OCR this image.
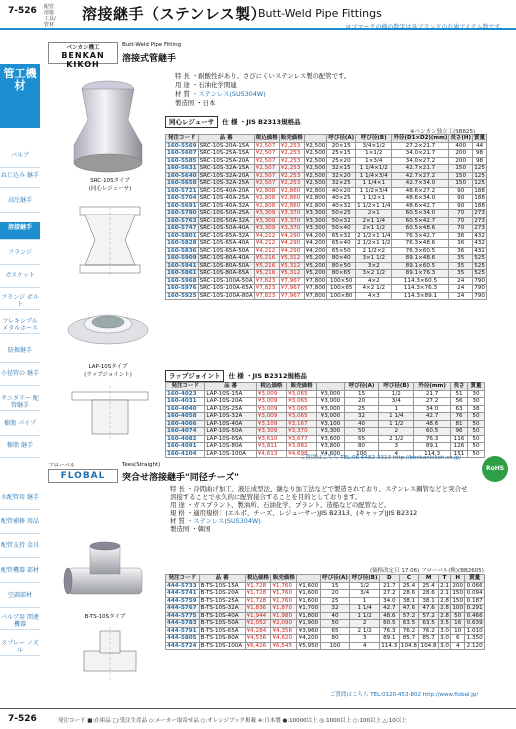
7-526 配管
溶接
工具/
管材
溶接継手（ステンレス製）
Butt-Weld Pipe Fittings
ロゴマークの横の数字は各ブランドの在庫アイテム数です。
管工機材
ベンカン機工
BENKAN KIKOH
Butt-Weld Pipe Fitting
溶接式管継手
特 長 ・耐酸性があり、さびにくいステンレス製の配管です。
用 途 ・石油化学関連
材 質 ・ステンレス(SUS304W)
製造国 ・日本
SRC-10Sタイプ
(同心レジューサ)
同心レジューサ 仕 様 ・JIS B2313規格品
※ベンカン独立工(SB825)
発注コード	品 番	税込価格	販売価格		呼び径(A)	呼び径(B)	外径(D1×D2)(mm)	長さ(H)	質量
160-5569	SRC-10S-20A-15A	¥2,507	¥2,253	¥2,500	20×15	3/4×1/2	27.2×21.7	400	44
160-5607	SRC-10S-25A-15A	¥2,507	¥2,253	¥2,500	25×15	1×1/2	34.0×21.7	200	98
160-5585	SRC-10S-25A-20A	¥2,507	¥2,253	¥2,500	25×20	1×3/4	34.0×27.2	200	98
160-5631	SRC-10S-32A-15A	¥2,507	¥2,253	¥2,500	32×15	1 1/4×1/2	42.7×21.7	150	125
160-5640	SRC-10S-32A-20A	¥2,507	¥2,253	¥2,500	32×20	1 1/4×3/4	42.7×27.2	150	125
160-5658	SRC-10S-32A-25A	¥2,507	¥2,253	¥2,500	32×25	1 1/4×1	42.7×34.0	150	125
160-5721	SRC-10S-40A-20A	¥2,808	¥2,860	¥2,800	40×20	1 1/2×3/4	48.6×27.2	90	188
160-5704	SRC-10S-40A-25A	¥2,808	¥2,860	¥2,800	40×25	1 1/2×1	48.6×34.0	90	188
160-5691	SRC-10S-40A-32A	¥2,808	¥2,860	¥2,800	40×32	1 1/2×1 1/4	48.6×42.7	90	188
160-5780	SRC-10S-50A-25A	¥3,309	¥3,370	¥3,300	50×25	2×1	60.5×34.0	70	273
160-5763	SRC-10S-50A-32A	¥3,309	¥3,370	¥3,300	50×32	2×1 1/4	60.5×42.7	70	273
160-5747	SRC-10S-50A-40A	¥3,309	¥3,370	¥3,300	50×40	2×1 1/2	60.5×48.6	70	273
160-5801	SRC-10S-65A-32A	¥4,212	¥4,290	¥4,200	65×32	2 1/2×1 1/4	76.3×42.7	36	432
160-5828	SRC-10S-65A-40A	¥4,212	¥4,290	¥4,200	65×40	2 1/2×1 1/2	76.3×48.6	36	432
160-5836	SRC-10S-65A-50A	¥4,212	¥4,290	¥4,200	65×50	2 1/2×2	76.3×60.5	36	432
160-5909	SRC-10S-80A-40A	¥5,216	¥5,312	¥5,200	80×40	3×1 1/2	89.1×48.6	35	525
160-5941	SRC-10S-80A-50A	¥5,216	¥5,312	¥5,200	80×50	3×2	89.1×60.5	35	525
160-5861	SRC-10S-80A-65A	¥5,216	¥5,312	¥5,200	80×65	3×2 1/2	89.1×76.3	35	525
160-5968	SRC-10S-100A-50A	¥7,823	¥7,967	¥7,800	100×50	4×2	114.3×60.5	24	790
160-5976	SRC-10S-100A-65A	¥7,823	¥7,967	¥7,800	100×65	4×2 1/2	114.3×76.3	24	790
160-5925	SRC-10S-100A-80A	¥7,823	¥7,967	¥7,800	100×80	4×3	114.3×89.1	24	790
LAP-10Sタイプ
(ラップジョイント)	ラップジョイント 仕 様 ・JIS B2312規格品
発注コード	品 番	税込価格	販売価格		呼び径(A)	呼び径(B)	外径(mm)	長さ	質量
160-4023	LAP-10S-15A	¥3,009	¥3,065	¥3,000	15	1/2	21.7	51	30
160-4031	LAP-10S-20A	¥3,009	¥3,065	¥3,000	20	3/4	27.2	56	30
160-4040	LAP-10S-25A	¥3,009	¥3,065	¥3,000	25	1	34.0	63	38
160-4058	LAP-10S-32A	¥3,009	¥3,065	¥3,000	32	1 1/4	42.7	76	50
160-4066	LAP-10S-40A	¥3,109	¥3,167	¥3,100	40	1 1/2	48.6	81	50
160-4074	LAP-10S-50A	¥3,309	¥3,370	¥3,300	50	2	60.5	96	50
160-4082	LAP-10S-65A	¥3,610	¥3,677	¥3,600	65	2 1/2	76.3	116	50
160-4091	LAP-10S-80A	¥3,811	¥3,882	¥3,800	80	3	89.1	126	50
160-4104	LAP-10S-100A	¥4,613	¥4,698	¥4,600	100	4	114.3	151	50
ご質問はこちら TEL:06-6482-3313 http://benkankikoh.co.jp/
フローバル
FLOBAL
Tees(Straight)
突合せ溶接継手"同径チーズ"
RoHS
特 長 ・冷間曲げ加工、液圧成型法、継なり加工法などで製造されており、ステンレス鋼管などと突合せ溶接することで永久的に配管接合することを目的としております。
用 途 ・ガスプラント、製油所、石油化学、プラント、造船などの配管など。
規 格 ・適用規格：(エルボ、チーズ、レジューサー)JIS B2313、(キャップ)JIS B2312
材 質 ・ステンレス(SUS304W)
製造国 ・韓国
B-TS-10Sタイプ
(価格改定日 17.06) フローバル(株)(BB2605)
発注コード	品 番	税込価格	販売価格		呼び径(A)	呼び径(B)	D	C	M	T	H	質量
444-5733	B-TS-10S-15A	¥1,728	¥1,760	¥1,600	15	1/2	21.7	25.4	25.4	2.1	200	0.066
444-5741	B-TS-10S-20A	¥1,728	¥1,760	¥1,600	20	3/4	27.2	28.6	28.6	2.1	150	0.094
444-5759	B-TS-10S-25A	¥1,728	¥1,760	¥1,600	25	1	34.0	38.1	38.1	2.8	150	0.187
444-5767	B-TS-10S-32A	¥1,836	¥1,870	¥1,700	32	1 1/4	42.7	47.6	47.6	2.8	100	0.291
444-5775	B-TS-10S-40A	¥1,944	¥1,980	¥1,800	40	1 1/2	48.6	57.2	57.2	2.8	50	0.466
444-5783	B-TS-10S-50A	¥2,052	¥2,090	¥1,900	50	2	60.5	63.5	63.5	3.5	16	0.639
444-5791	B-TS-10S-65A	¥4,284	¥4,356	¥3,960	65	2 1/2	76.3	76.2	76.2	3.0	10	1.010
444-5805	B-TS-10S-80A	¥4,536	¥4,620	¥4,200	80	3	89.1	85.7	85.7	3.0	6	1.350
444-5724	B-TS-10S-100A	¥6,426	¥6,545	¥5,950	100	4	114.3	104.8	104.8	3.0	4	2.120
ご質問はこちら TEL:0120-453-802 http://www.flobal.jp/
7-526	発注コード ■:在庫品 □:受注生産品 ◇:メーカー取寄せ品 ○:オレンジブック掲載 ※:日本製 ●:10000以上 ◎:1000以上 ○:100以上 △:10以上
バルブ
ねじ込み 継手
高圧継手
溶接継手
フランジ
ガスケット
フランジ ボルト
フレキシブル メタルホース
防振継手
小径管の 継手
サニタリー 配管継手
樹脂 パイプ
樹脂 継手
水配管用 継手
配管補修 用品
配管支持 金具
配管機器 部材
空調部材
バルブ用 関連機器
スプレー ノズル
